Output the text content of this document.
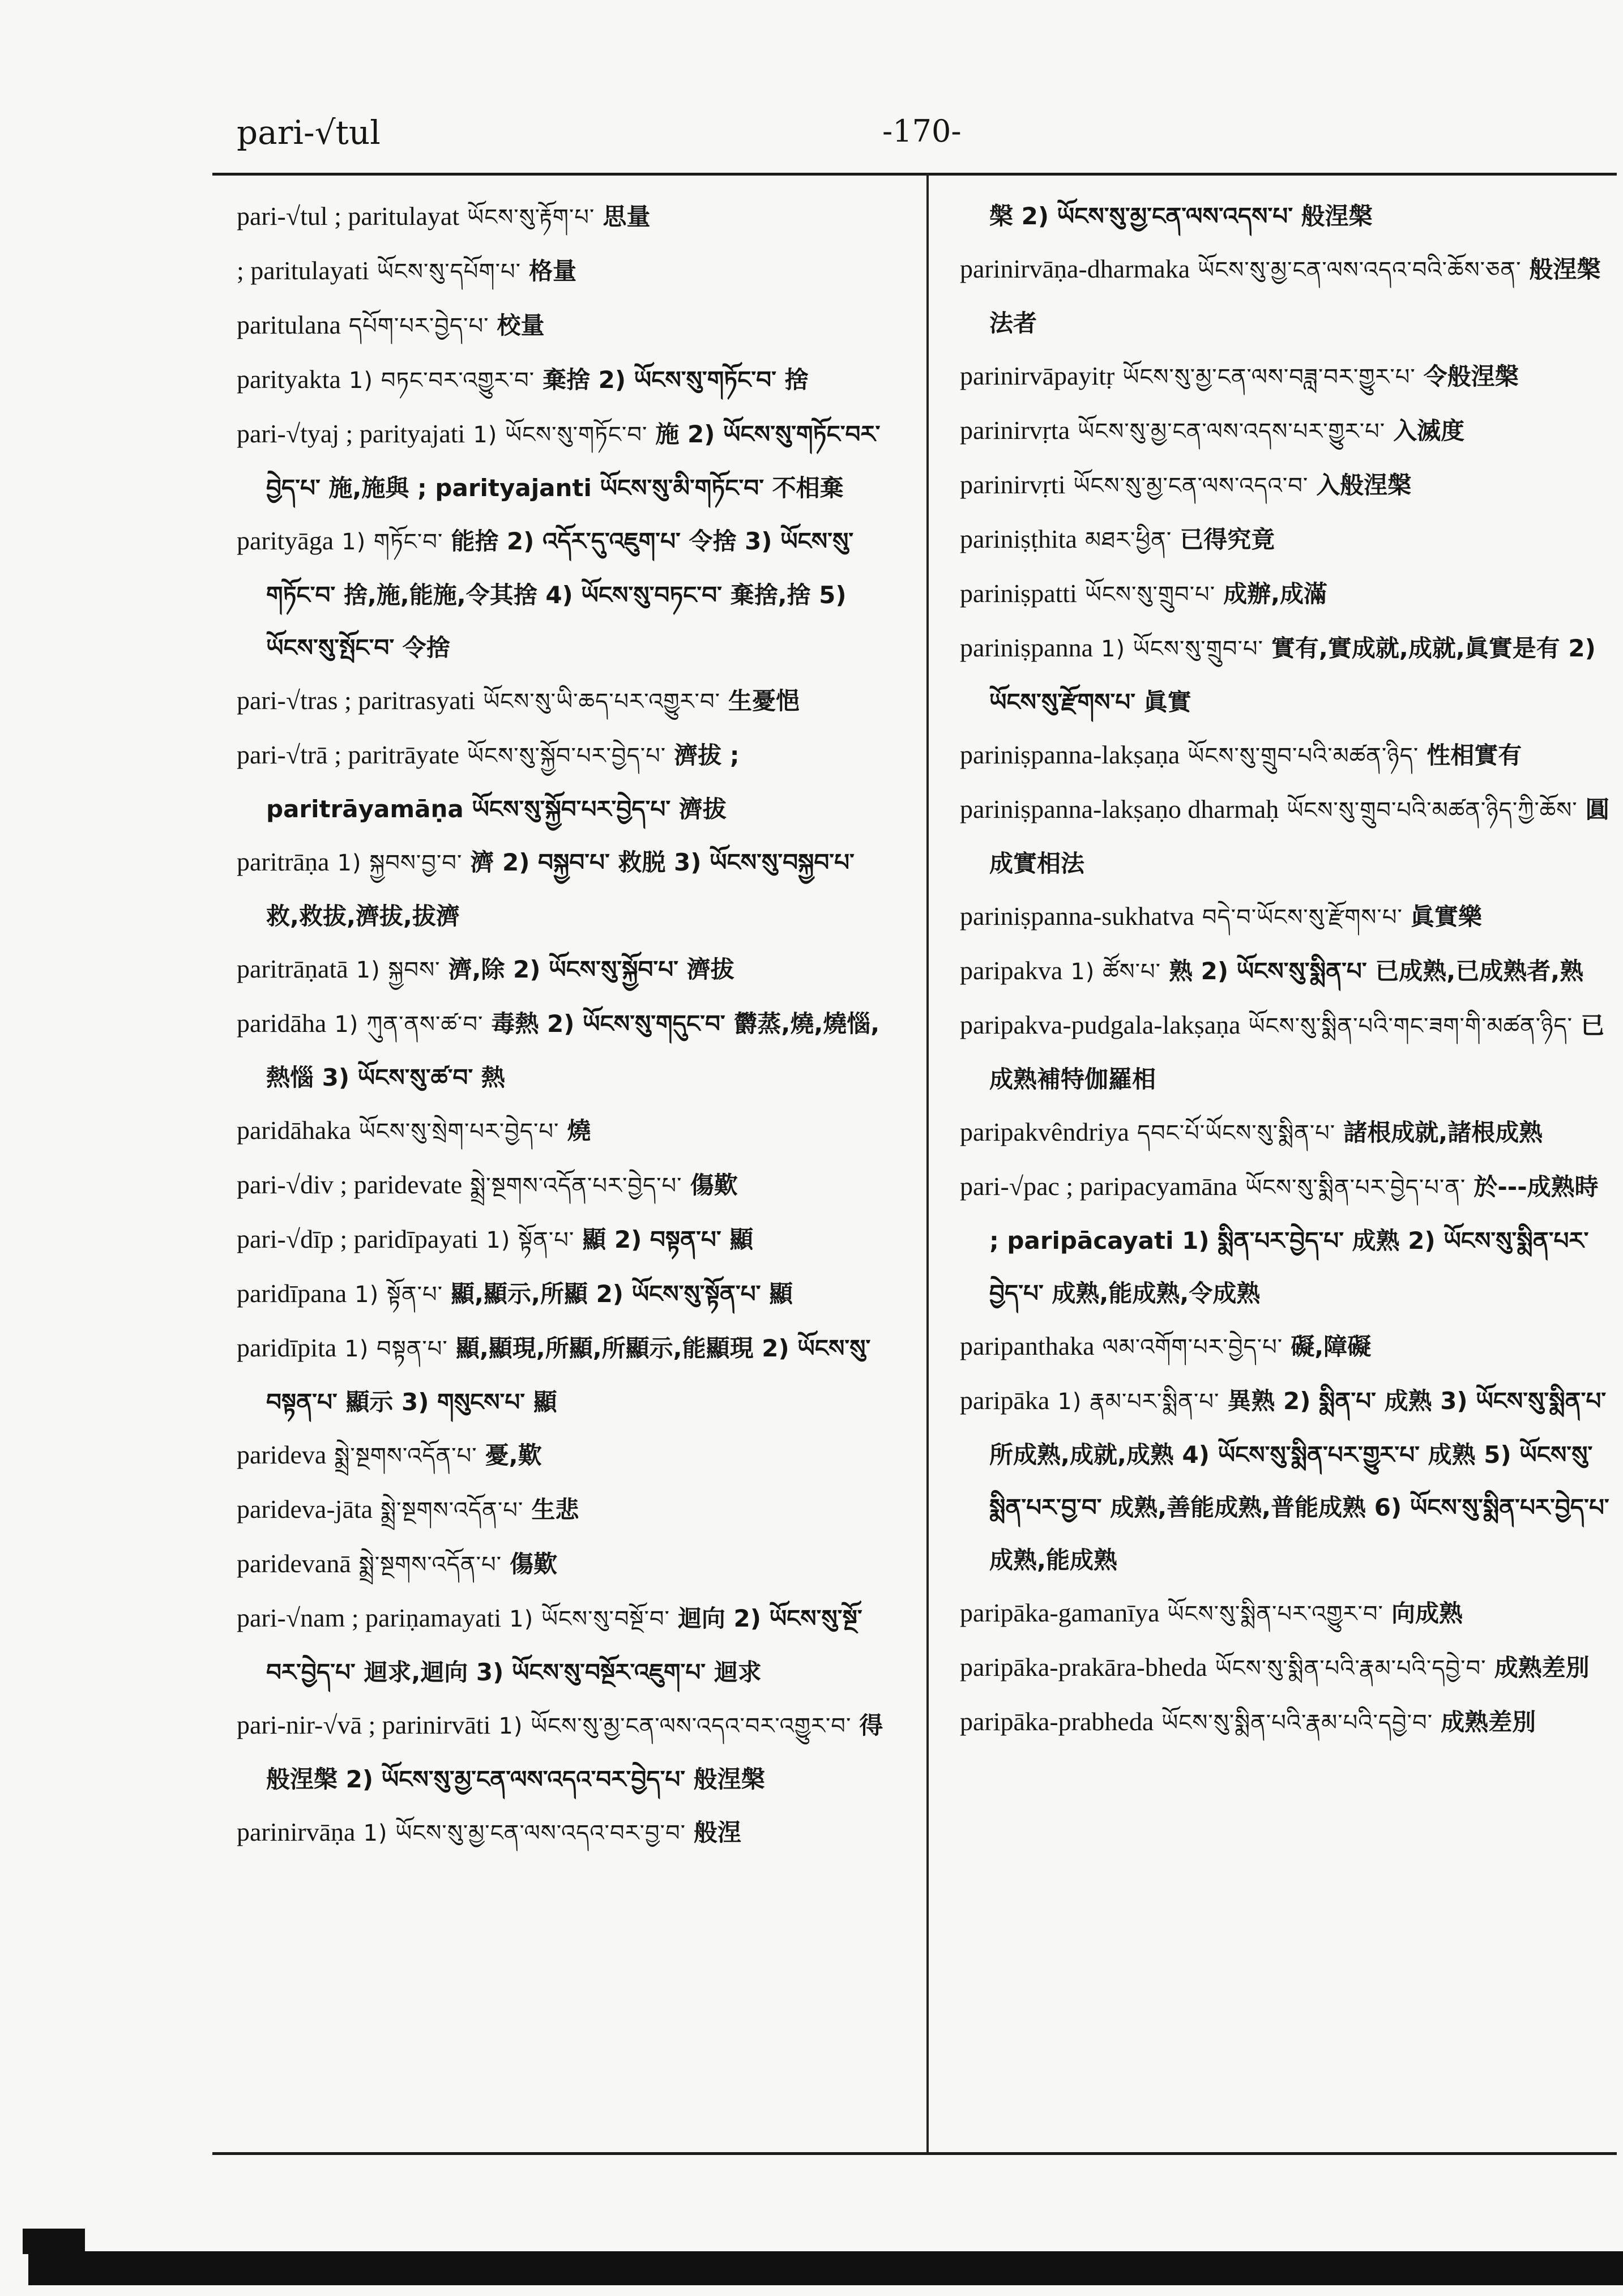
pari-√tul	-170-
pari-√tul ; paritulayat ཡོངས་སུ་རྟོག་པ་ 思量
; paritulayati ཡོངས་སུ་དཔོག་པ་ 格量
paritulana དཔོག་པར་བྱེད་པ་ 校量
parityakta 1) བཏང་བར་འགྱུར་བ་ 棄捨 2) ཡོངས་སུ་གཏོང་བ་ 捨
pari-√tyaj ; parityajati 1) ཡོངས་སུ་གཏོང་བ་ 施 2) ཡོངས་སུ་གཏོང་བར་བྱེད་པ་ 施,施與 ; parityajanti ཡོངས་སུ་མི་གཏོང་བ་ 不相棄
parityāga 1) གཏོང་བ་ 能捨 2) འདོར་དུ་འཇུག་པ་ 令捨 3) ཡོངས་སུ་གཏོང་བ་ 捨,施,能施,令其捨 4) ཡོངས་སུ་བཏང་བ་ 棄捨,捨 5) ཡོངས་སུ་སྤོང་བ་ 令捨
pari-√tras ; paritrasyati ཡོངས་སུ་ཡི་ཆད་པར་འགྱུར་བ་ 生憂悒
pari-√trā ; paritrāyate ཡོངས་སུ་སྐྱོབ་པར་བྱེད་པ་ 濟拔 ; paritrāyamāṇa ཡོངས་སུ་སྐྱོབ་པར་བྱེད་པ་ 濟拔
paritrāṇa 1) སྐྱབས་བྱ་བ་ 濟 2) བསྐྱབ་པ་ 救脱 3) ཡོངས་སུ་བསྐྱབ་པ་ 救,救拔,濟拔,拔濟
paritrāṇatā 1) སྐྱབས་ 濟,除 2) ཡོངས་སུ་སྐྱོབ་པ་ 濟拔
paridāha 1) ཀུན་ནས་ཚ་བ་ 毒熱 2) ཡོངས་སུ་གདུང་བ་ 欝蒸,燒,燒惱,熱惱 3) ཡོངས་སུ་ཚ་བ་ 熱
paridāhaka ཡོངས་སུ་སྲེག་པར་བྱེད་པ་ 燒
pari-√div ; paridevate སྨྲེ་སྔགས་འདོན་པར་བྱེད་པ་ 傷歎
pari-√dīp ; paridīpayati 1) སྟོན་པ་ 顯 2) བསྟན་པ་ 顯
paridīpana 1) སྟོན་པ་ 顯,顯示,所顯 2) ཡོངས་སུ་སྟོན་པ་ 顯
paridīpita 1) བསྟན་པ་ 顯,顯現,所顯,所顯示,能顯現 2) ཡོངས་སུ་བསྟན་པ་ 顯示 3) གསུངས་པ་ 顯
parideva སྨྲེ་སྔགས་འདོན་པ་ 憂,歎
parideva-jāta སྨྲེ་སྔགས་འདོན་པ་ 生悲
paridevanā སྨྲེ་སྔགས་འདོན་པ་ 傷歎
pari-√nam ; pariṇamayati 1) ཡོངས་སུ་བསྔོ་བ་ 迴向 2) ཡོངས་སུ་སྔོ་བར་བྱེད་པ་ 迴求,迴向 3) ཡོངས་སུ་བསྔོར་འཇུག་པ་ 迴求
pari-nir-√vā ; parinirvāti 1) ཡོངས་སུ་མྱ་ངན་ལས་འདའ་བར་འགྱུར་བ་ 得般涅槃 2) ཡོངས་སུ་མྱ་ངན་ལས་འདའ་བར་བྱེད་པ་ 般涅槃
parinirvāṇa 1) ཡོངས་སུ་མྱ་ངན་ལས་འདའ་བར་བྱ་བ་ 般涅
槃 2) ཡོངས་སུ་མྱ་ངན་ལས་འདས་པ་ 般涅槃
parinirvāṇa-dharmaka ཡོངས་སུ་མྱ་ངན་ལས་འདའ་བའི་ཆོས་ཅན་ 般涅槃法者
parinirvāpayitṛ ཡོངས་སུ་མྱ་ངན་ལས་བཟླ་བར་གྱུར་པ་ 令般涅槃
parinirvṛta ཡོངས་སུ་མྱ་ངན་ལས་འདས་པར་གྱུར་པ་ 入滅度
parinirvṛti ཡོངས་སུ་མྱ་ངན་ལས་འདའ་བ་ 入般涅槃
pariniṣṭhita མཐར་ཕྱིན་ 已得究竟
pariniṣpatti ཡོངས་སུ་གྲུབ་པ་ 成辦,成滿
pariniṣpanna 1) ཡོངས་སུ་གྲུབ་པ་ 實有,實成就,成就,眞實是有 2) ཡོངས་སུ་རྫོགས་པ་ 眞實
pariniṣpanna-lakṣaṇa ཡོངས་སུ་གྲུབ་པའི་མཚན་ཉིད་ 性相實有
pariniṣpanna-lakṣaṇo dharmaḥ ཡོངས་སུ་གྲུབ་པའི་མཚན་ཉིད་ཀྱི་ཆོས་ 圓成實相法
pariniṣpanna-sukhatva བདེ་བ་ཡོངས་སུ་རྫོགས་པ་ 眞實樂
paripakva 1) ཚོས་པ་ 熟 2) ཡོངས་སུ་སྨིན་པ་ 已成熟,已成熟者,熟
paripakva-pudgala-lakṣaṇa ཡོངས་སུ་སྨིན་པའི་གང་ཟག་གི་མཚན་ཉིད་ 已成熟補特伽羅相
paripakvêndriya དབང་པོ་ཡོངས་སུ་སྨིན་པ་ 諸根成就,諸根成熟
pari-√pac ; paripacyamāna ཡོངས་སུ་སྨིན་པར་བྱེད་པ་ན་ 於---成熟時 ; paripācayati 1) སྨིན་པར་བྱེད་པ་ 成熟 2) ཡོངས་སུ་སྨིན་པར་བྱེད་པ་ 成熟,能成熟,令成熟
paripanthaka ལམ་འགོག་པར་བྱེད་པ་ 礙,障礙
paripāka 1) རྣམ་པར་སྨིན་པ་ 異熟 2) སྨིན་པ་ 成熟 3) ཡོངས་སུ་སྨིན་པ་ 所成熟,成就,成熟 4) ཡོངས་སུ་སྨིན་པར་གྱུར་པ་ 成熟 5) ཡོངས་སུ་སྨིན་པར་བྱ་བ་ 成熟,善能成熟,普能成熟 6) ཡོངས་སུ་སྨིན་པར་བྱེད་པ་ 成熟,能成熟
paripāka-gamanīya ཡོངས་སུ་སྨིན་པར་འགྱུར་བ་ 向成熟
paripāka-prakāra-bheda ཡོངས་སུ་སྨིན་པའི་རྣམ་པའི་དབྱེ་བ་ 成熟差別
paripāka-prabheda ཡོངས་སུ་སྨིན་པའི་རྣམ་པའི་དབྱེ་བ་ 成熟差別
